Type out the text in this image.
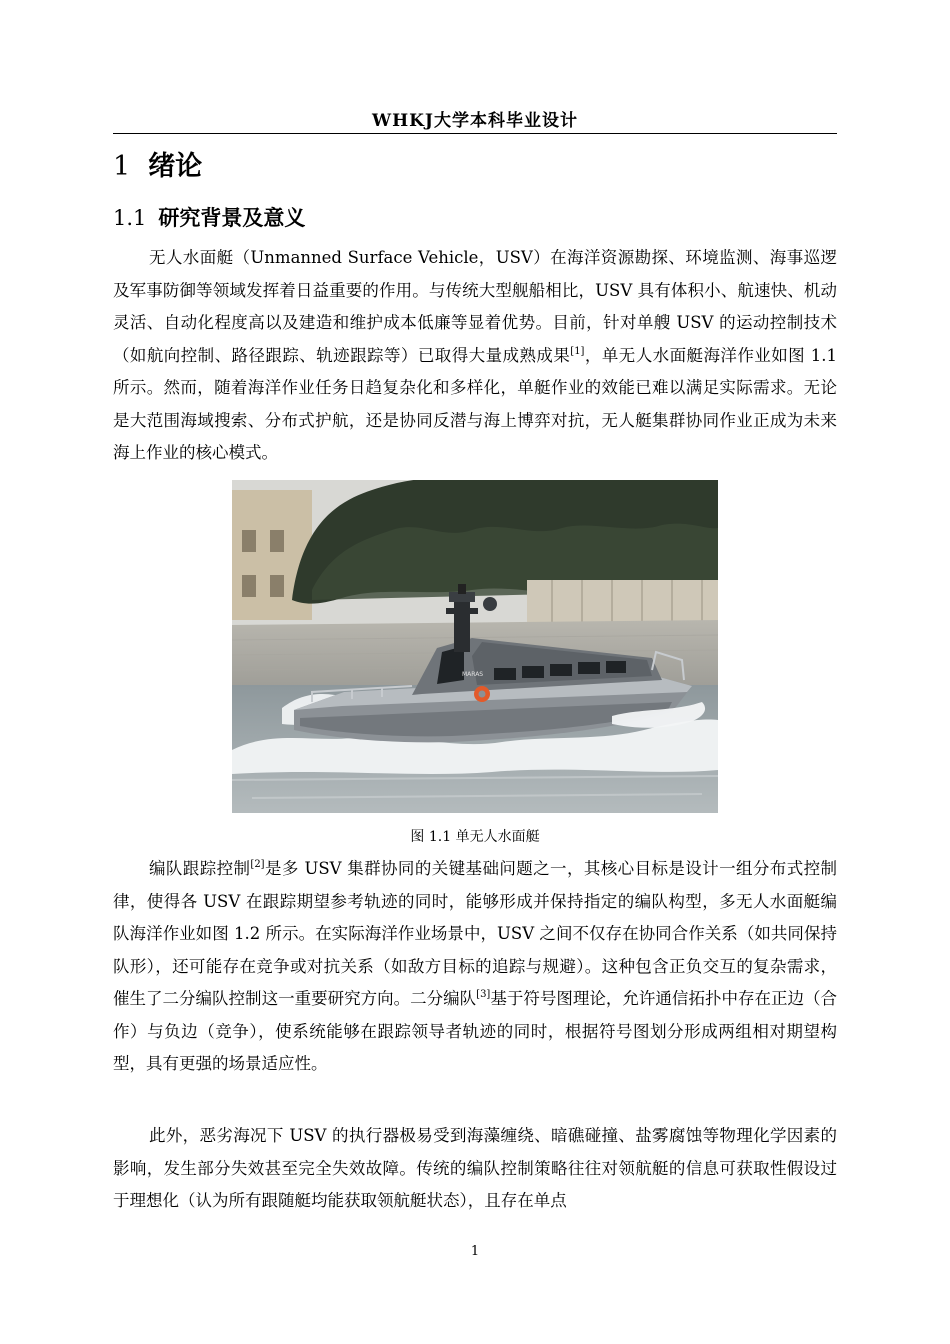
WHKJ大学本科毕业设计
1 绪论
1.1 研究背景及意义

无人水面艇（Unmanned Surface Vehicle，USV）在海洋资源勘探、环境监测、海事巡逻及军事防御等领域发挥着日益重要的作用。与传统大型舰船相比，USV 具有体积小、航速快、机动灵活、自动化程度高以及建造和维护成本低廉等显着优势。目前，针对单艘 USV 的运动控制技术（如航向控制、路径跟踪、轨迹跟踪等）已取得大量成熟成果[1]，单无人水面艇海洋作业如图 1.1 所示。然而，随着海洋作业任务日趋复杂化和多样化，单艇作业的效能已难以满足实际需求。无论是大范围海域搜索、分布式护航，还是协同反潜与海上博弈对抗，无人艇集群协同作业正成为未来海上作业的核心模式。

MARAS
图 1.1 单无人水面艇

编队跟踪控制[2]是多 USV 集群协同的关键基础问题之一，其核心目标是设计一组分布式控制律，使得各 USV 在跟踪期望参考轨迹的同时，能够形成并保持指定的编队构型，多无人水面艇编队海洋作业如图 1.2 所示。在实际海洋作业场景中，USV 之间不仅存在协同合作关系（如共同保持队形），还可能存在竞争或对抗关系（如敌方目标的追踪与规避）。这种包含正负交互的复杂需求，催生了二分编队控制这一重要研究方向。二分编队[3]基于符号图理论，允许通信拓扑中存在正边（合作）与负边（竞争），使系统能够在跟踪领导者轨迹的同时，根据符号图划分形成两组相对期望构型，具有更强的场景适应性。

此外，恶劣海况下 USV 的执行器极易受到海藻缠绕、暗礁碰撞、盐雾腐蚀等物理化学因素的影响，发生部分失效甚至完全失效故障。传统的编队控制策略往往对领航艇的信息可获取性假设过于理想化（认为所有跟随艇均能获取领航艇状态），且存在单点

1
